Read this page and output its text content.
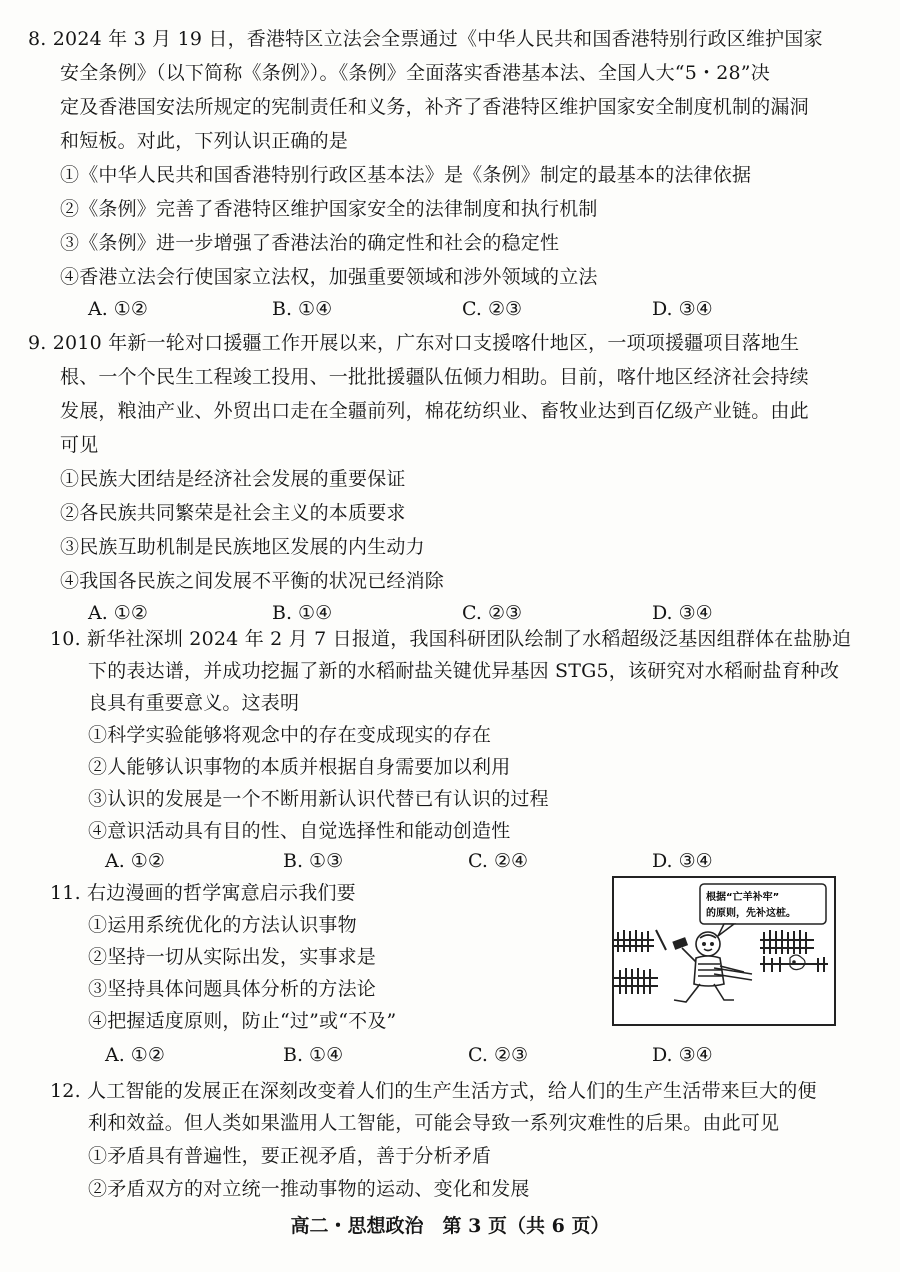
8. 2024 年 3 月 19 日，香港特区立法会全票通过《中华人民共和国香港特别行政区维护国家
安全条例》（以下简称《条例》）。《条例》全面落实香港基本法、全国人大“5・28”决
定及香港国安法所规定的宪制责任和义务，补齐了香港特区维护国家安全制度机制的漏洞
和短板。对此，下列认识正确的是
①《中华人民共和国香港特别行政区基本法》是《条例》制定的最基本的法律依据
②《条例》完善了香港特区维护国家安全的法律制度和执行机制
③《条例》进一步增强了香港法治的确定性和社会的稳定性
④香港立法会行使国家立法权，加强重要领域和涉外领域的立法
A. ①②	B. ①④	C. ②③	D. ③④
9. 2010 年新一轮对口援疆工作开展以来，广东对口支援喀什地区，一项项援疆项目落地生
根、一个个民生工程竣工投用、一批批援疆队伍倾力相助。目前，喀什地区经济社会持续
发展，粮油产业、外贸出口走在全疆前列，棉花纺织业、畜牧业达到百亿级产业链。由此
可见
①民族大团结是经济社会发展的重要保证
②各民族共同繁荣是社会主义的本质要求
③民族互助机制是民族地区发展的内生动力
④我国各民族之间发展不平衡的状况已经消除
A. ①②	B. ①④	C. ②③	D. ③④
10. 新华社深圳 2024 年 2 月 7 日报道，我国科研团队绘制了水稻超级泛基因组群体在盐胁迫
下的表达谱，并成功挖掘了新的水稻耐盐关键优异基因 STG5，该研究对水稻耐盐育种改
良具有重要意义。这表明
①科学实验能够将观念中的存在变成现实的存在
②人能够认识事物的本质并根据自身需要加以利用
③认识的发展是一个不断用新认识代替已有认识的过程
④意识活动具有目的性、自觉选择性和能动创造性
A. ①②	B. ①③	C. ②④	D. ③④
11. 右边漫画的哲学寓意启示我们要
①运用系统优化的方法认识事物
②坚持一切从实际出发，实事求是
③坚持具体问题具体分析的方法论
④把握适度原则，防止“过”或“不及”
A. ①②	B. ①④	C. ②③	D. ③④
根据“亡羊补牢”
的原则，先补这桩。
12. 人工智能的发展正在深刻改变着人们的生产生活方式，给人们的生产生活带来巨大的便
利和效益。但人类如果滥用人工智能，可能会导致一系列灾难性的后果。由此可见
①矛盾具有普遍性，要正视矛盾，善于分析矛盾
高二・思想政治　第 3 页（共 6 页）
②矛盾双方的对立统一推动事物的运动、变化和发展
